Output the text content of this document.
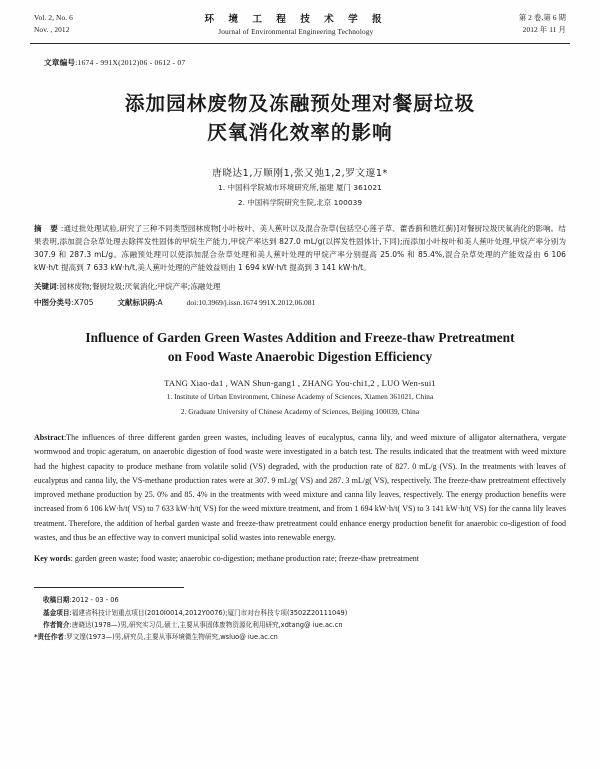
Vol. 2, No. 6
Nov. , 2012
环 境 工 程 技 术 学 报
Journal of Environmental Engineering Technology
第 2 卷,第 6 期
2012 年 11 月
文章编号:1674 - 991X(2012)06 - 0612 - 07
添加园林废物及冻融预处理对餐厨垃圾
厌氧消化效率的影响
唐晓达1,万顺刚1,张又弛1,2,罗文邃1*
1. 中国科学院城市环境研究所,福建 厦门 361021
2. 中国科学院研究生院,北京 100039
摘 要:通过批处理试验,研究了三种不同类型园林废物[小叶桉叶、美人蕉叶以及混合杂草(包括空心莲子草、藿香蓟和胜红蓟)]对餐厨垃圾厌氧消化的影响。结果表明,添加混合杂草处理去除挥发性固体的甲烷生产能力,甲烷产率达到 827.0 mL/g(以挥发性固体计,下同);而添加小叶桉叶和美人蕉叶处理,甲烷产率分别为 307.9 和 287.3 mL/g。冻融预处理可以使添加混合杂草处理和美人蕉叶处理的甲烷产率分别提高 25.0% 和 85.4%,混合杂草处理的产能效益由 6 106 kW·h/t 提高到 7 633 kW·h/t,美人蕉叶处理的产能效益则由 1 694 kW·h/t 提高到 3 141 kW·h/t。
关键词:园林废物;餐厨垃圾;厌氧消化;甲烷产率;冻融处理
中图分类号:X705	文献标识码:A	doi:10.3969/j.issn.1674 991X.2012.06.081
Influence of Garden Green Wastes Addition and Freeze-thaw Pretreatment
on Food Waste Anaerobic Digestion Efficiency
TANG Xiao-da1 , WAN Shun-gang1 , ZHANG You-chi1,2 , LUO Wen-sui1
1. Institute of Urban Environment, Chinese Academy of Sciences, Xiamen 361021, China
2. Graduate University of Chinese Academy of Sciences, Beijing 100039, China
Abstract:The influences of three different garden green wastes, including leaves of eucalyptus, canna lily, and weed mixture of alligator alternathera, vergate wormwood and tropic ageratum, on anaerobic digestion of food waste were investigated in a batch test. The results indicated that the treatment with weed mixture had the highest capacity to produce methane from volatile solid (VS) degraded, with the production rate of 827. 0 mL/g (VS). In the treatments with leaves of eucalyptus and canna lily, the VS-methane production rates were at 307. 9 mL/g( VS) and 287. 3 mL/g( VS), respectively. The freeze-thaw pretreatment effectively improved methane production by 25. 0% and 85. 4% in the treatments with weed mixture and canna lily leaves, respectively. The energy production benefits were increased from 6 106 kW·h/t( VS) to 7 633 kW·h/t( VS) for the weed mixture treatment, and from 1 694 kW·h/t( VS) to 3 141 kW·h/t( VS) for the canna lily leaves treatment. Therefore, the addition of herbal garden waste and freeze-thaw pretreatment could enhance energy production benefit for anaerobic co-digestion of food wastes, and thus be an effective way to convert municipal solid wastes into renewable energy.
Key words: garden green waste; food waste; anaerobic co-digestion; methane production rate; freeze-thaw pretreatment
收稿日期:2012 - 03 - 06
基金项目:福建省科技计划重点项目(2010I0014,2012Y0076);厦门市对台科技专项(3502Z20111049)
作者简介:唐晓达(1978—)男,研究实习员,硕士,主要从事固体废物资源化利用研究,xdtang@ iue.ac.cn
*责任作者:罗文邃(1973—)男,研究员,主要从事环境微生物研究,wsluo@ iue.ac.cn
